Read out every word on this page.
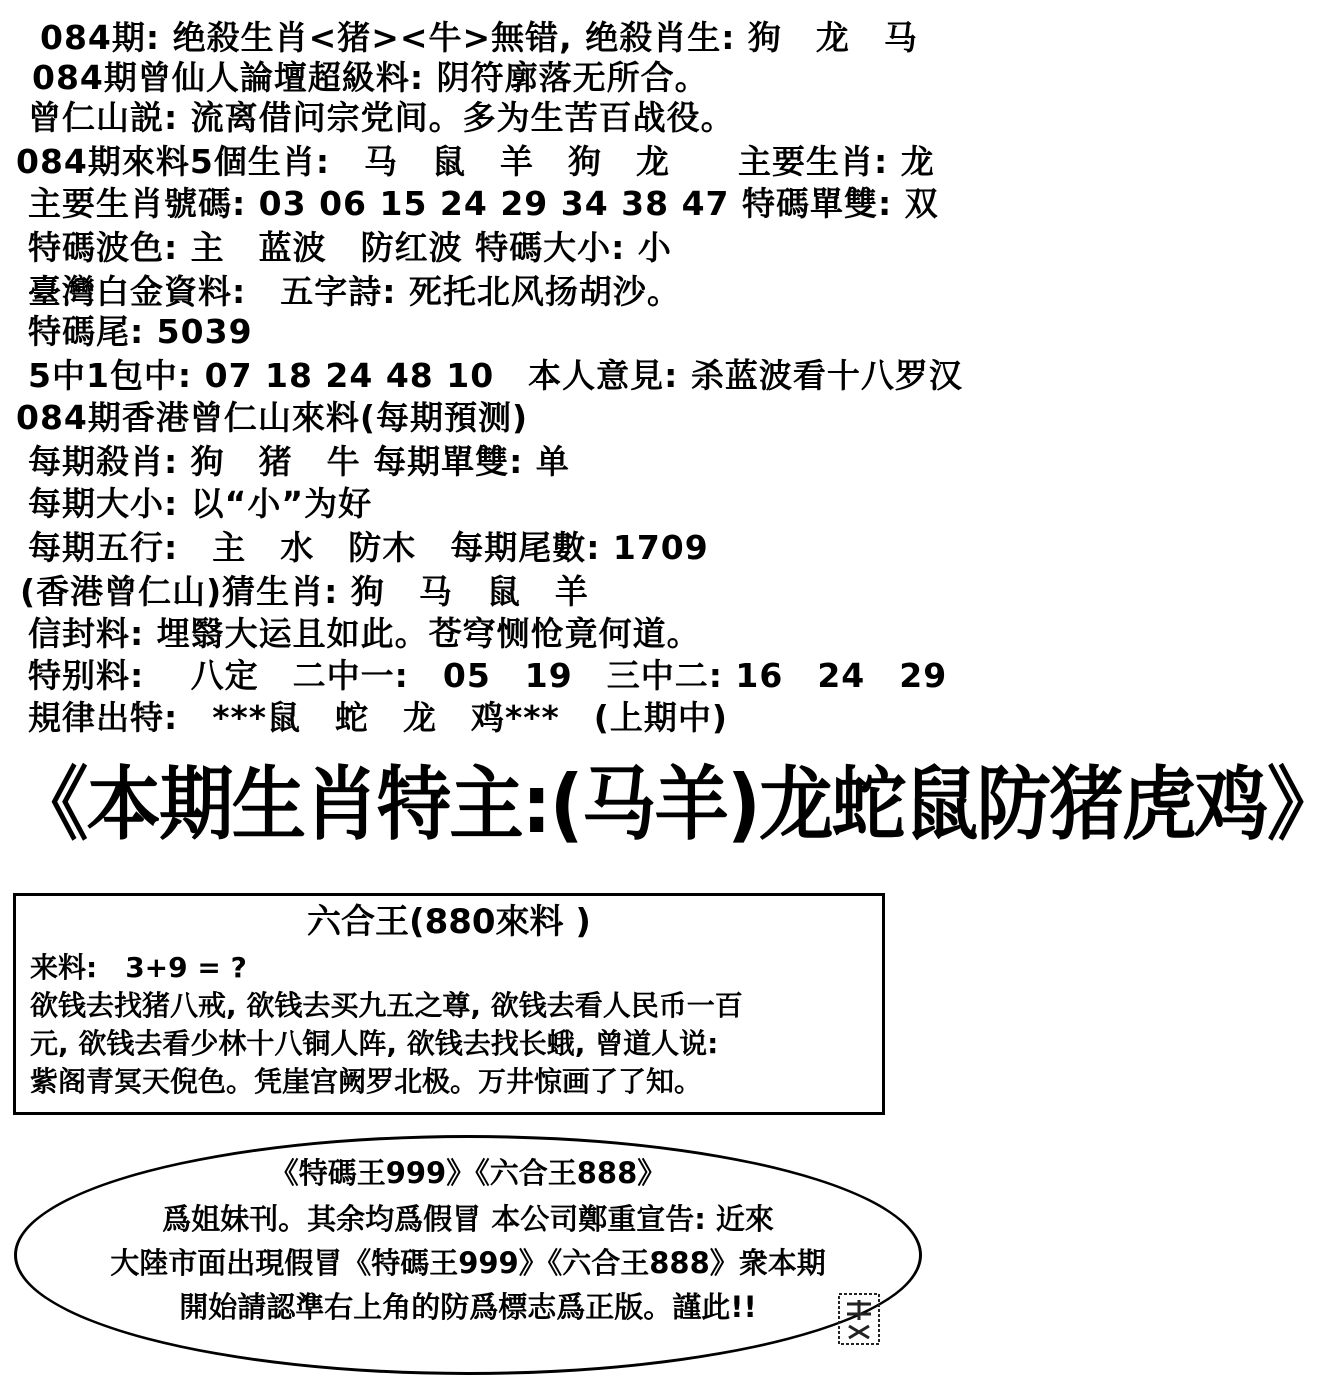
084期: 绝殺生肖<猪><牛>無错, 绝殺肖生: 狗　龙　马
084期曾仙人論壇超級料: 阴符廓落无所合。
曾仁山説: 流离借问宗党间。多为生苦百战役。
084期來料5個生肖:　马　鼠　羊　狗　龙　　主要生肖: 龙
主要生肖號碼: 03 06 15 24 29 34 38 47 特碼單雙: 双
特碼波色: 主　蓝波　防红波 特碼大小: 小
臺灣白金資料:　五字詩: 死托北风扬胡沙。
特碼尾: 5039
5中1包中: 07 18 24 48 10　本人意見: 杀蓝波看十八罗汉
084期香港曾仁山來料(每期預测)
每期殺肖: 狗　猪　牛 每期單雙: 单
每期大小: 以“小”为好
每期五行:　主　水　防木　每期尾數: 1709
(香港曾仁山)猜生肖: 狗　马　鼠　羊
信封料: 埋翳大运且如此。苍穹恻怆竟何道。
特别料:　 八定　二中一:　05　19　三中二: 16　24　29
規律出特:　***鼠　蛇　龙　鸡***　(上期中)
《本期生肖特主:(马羊)龙蛇鼠防猪虎鸡》
六合王(880來料 )
来料:　3+9 = ?
欲钱去找猪八戒, 欲钱去买九五之尊, 欲钱去看人民币一百
元, 欲钱去看少林十八铜人阵, 欲钱去找长蛾, 曾道人说:
紫阁青冥天倪色。凭崖宫阙罗北极。万井惊画了了知。
《特碼王999》《六合王888》
爲姐妹刊。其余均爲假冒 本公司鄭重宣告: 近來
大陸市面出現假冒《特碼王999》《六合王888》衆本期
開始請認準右上角的防爲標志爲正版。謹此!!
